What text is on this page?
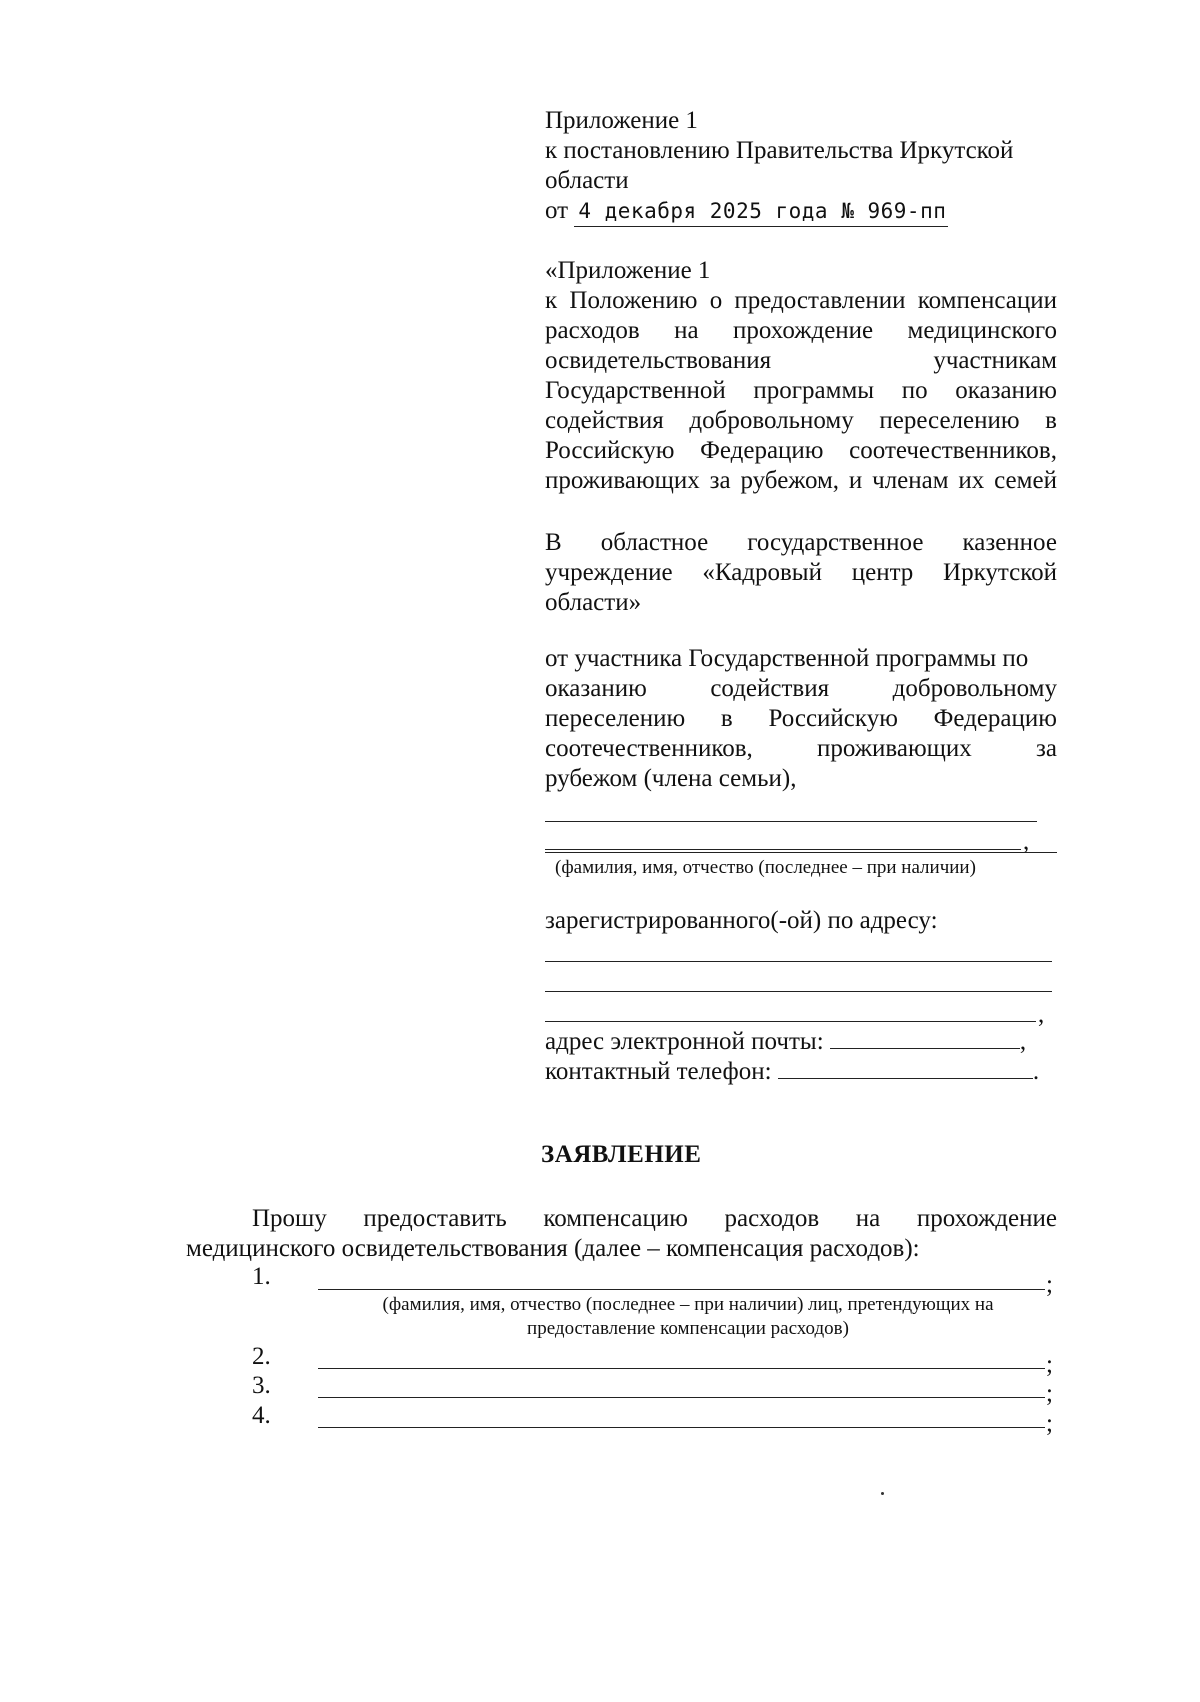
Приложение 1
к постановлению Правительства Иркутской
области
от 4 декабря 2025 года № 969-пп
«Приложение 1
к Положению о предоставлении компенсации
расходов на прохождение медицинского
освидетельствования	участникам
Государственной программы по оказанию
содействия добровольному переселению в
Российскую Федерацию соотечественников,
проживающих за рубежом, и членам их семей
В областное государственное казенное
учреждение «Кадровый центр Иркутской
области»
от участника Государственной программы по
оказанию	содействия	добровольному
переселению в Российскую Федерацию
соотечественников,	проживающих	за
рубежом (члена семьи),
,
(фамилия, имя, отчество (последнее – при наличии)
зарегистрированного(-ой) по адресу:
,
адрес электронной почты:	,
контактный телефон:	.
ЗАЯВЛЕНИЕ
Прошу предоставить компенсацию расходов на прохождение
медицинского освидетельствования (далее – компенсация расходов):
1.	;
(фамилия, имя, отчество (последнее – при наличии) лиц, претендующих на
предоставление компенсации расходов)
2.	;
3.	;
4.	;
